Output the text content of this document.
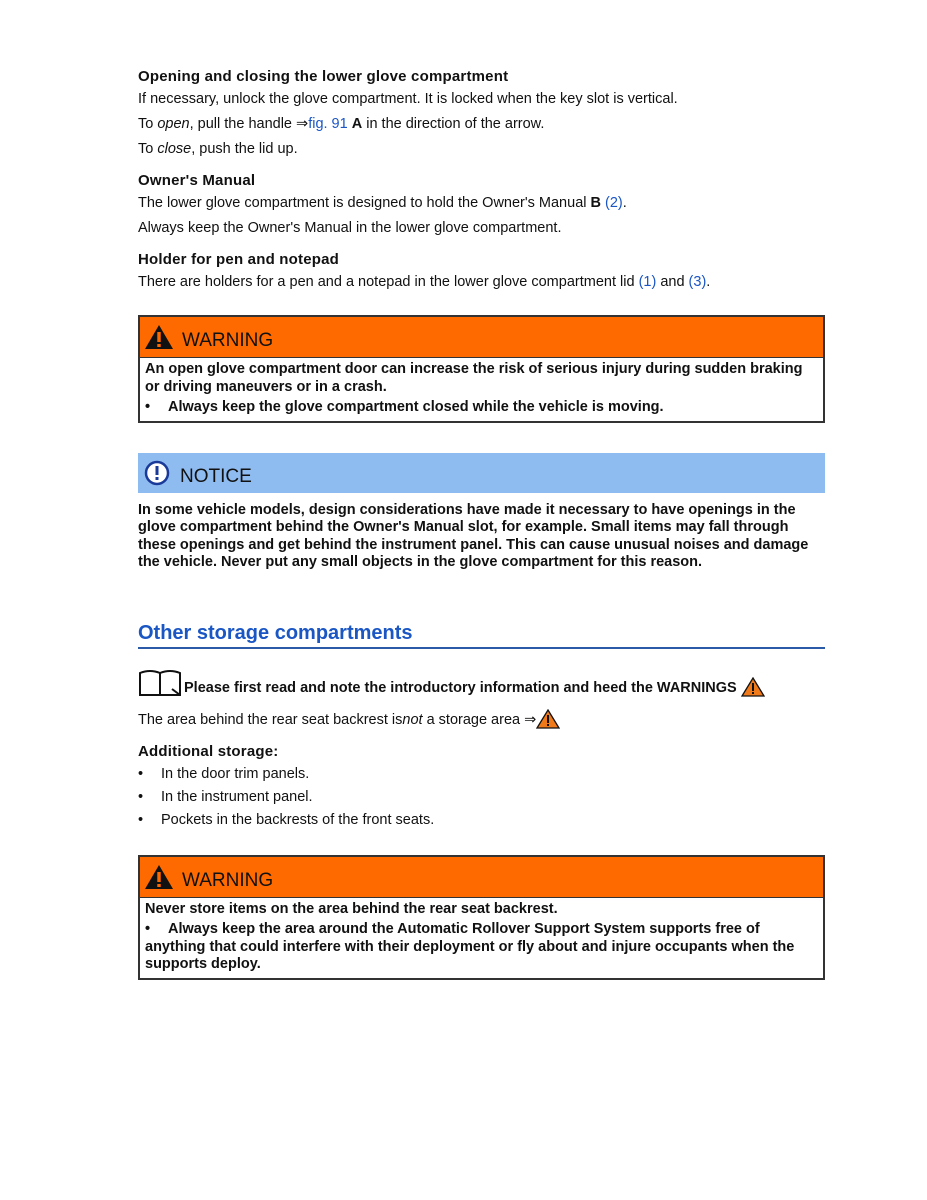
Opening and closing the lower glove compartment

If necessary, unlock the glove compartment. It is locked when the key slot is vertical.

To open, pull the handle ⇒fig. 91 A in the direction of the arrow.

To close, push the lid up.

Owner's Manual

The lower glove compartment is designed to hold the Owner's Manual B (2).

Always keep the Owner's Manual in the lower glove compartment.

Holder for pen and notepad

There are holders for a pen and a notepad in the lower glove compartment lid (1) and (3).

WARNING
An open glove compartment door can increase the risk of serious injury during sudden braking or driving maneuvers or in a crash.
•	Always keep the glove compartment closed while the vehicle is moving.
NOTICE
In some vehicle models, design considerations have made it necessary to have openings in the glove compartment behind the Owner's Manual slot, for example. Small items may fall through these openings and get behind the instrument panel. This can cause unusual noises and damage the vehicle. Never put any small objects in the glove compartment for this reason.
Other storage compartments
Please first read and note the introductory information and heed the WARNINGS

The area behind the rear seat backrest is not a storage area ⇒

Additional storage:
•	In the door trim panels.
•	In the instrument panel.
•	Pockets in the backrests of the front seats.
WARNING
Never store items on the area behind the rear seat backrest.
• Always keep the area around the Automatic Rollover Support System supports free of anything that could interfere with their deployment or fly about and injure occupants when the supports deploy.
